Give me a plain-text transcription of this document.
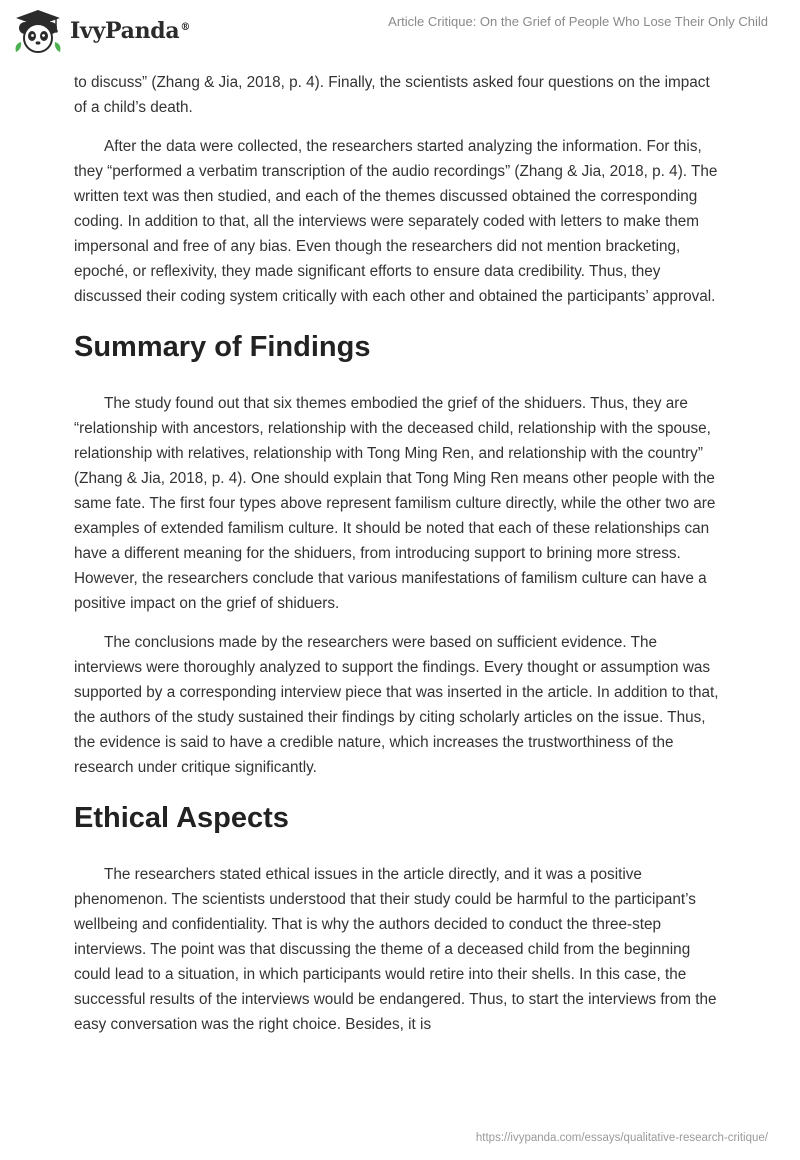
IvyPanda®	Article Critique: On the Grief of People Who Lose Their Only Child

to discuss” (Zhang & Jia, 2018, p. 4). Finally, the scientists asked four questions on the impact of a child’s death.

After the data were collected, the researchers started analyzing the information. For this, they “performed a verbatim transcription of the audio recordings” (Zhang & Jia, 2018, p. 4). The written text was then studied, and each of the themes discussed obtained the corresponding coding. In addition to that, all the interviews were separately coded with letters to make them impersonal and free of any bias. Even though the researchers did not mention bracketing, epoché, or reflexivity, they made significant efforts to ensure data credibility. Thus, they discussed their coding system critically with each other and obtained the participants’ approval.

Summary of Findings

The study found out that six themes embodied the grief of the shiduers. Thus, they are “relationship with ancestors, relationship with the deceased child, relationship with the spouse, relationship with relatives, relationship with Tong Ming Ren, and relationship with the country” (Zhang & Jia, 2018, p. 4). One should explain that Tong Ming Ren means other people with the same fate. The first four types above represent familism culture directly, while the other two are examples of extended familism culture. It should be noted that each of these relationships can have a different meaning for the shiduers, from introducing support to brining more stress. However, the researchers conclude that various manifestations of familism culture can have a positive impact on the grief of shiduers.

The conclusions made by the researchers were based on sufficient evidence. The interviews were thoroughly analyzed to support the findings. Every thought or assumption was supported by a corresponding interview piece that was inserted in the article. In addition to that, the authors of the study sustained their findings by citing scholarly articles on the issue. Thus, the evidence is said to have a credible nature, which increases the trustworthiness of the research under critique significantly.

Ethical Aspects

The researchers stated ethical issues in the article directly, and it was a positive phenomenon. The scientists understood that their study could be harmful to the participant’s wellbeing and confidentiality. That is why the authors decided to conduct the three-step interviews. The point was that discussing the theme of a deceased child from the beginning could lead to a situation, in which participants would retire into their shells. In this case, the successful results of the interviews would be endangered. Thus, to start the interviews from the easy conversation was the right choice. Besides, it is

https://ivypanda.com/essays/qualitative-research-critique/
